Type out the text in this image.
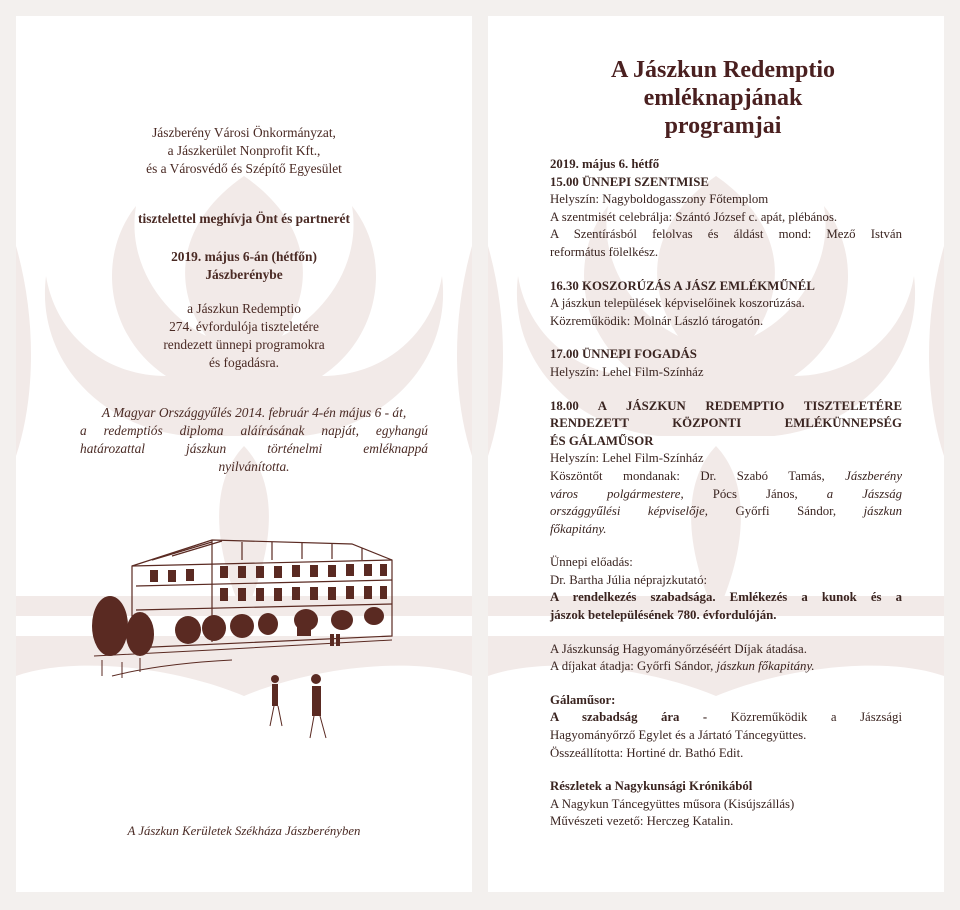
Jászberény Városi Önkormányzat,
a Jászkerület Nonprofit Kft.,
és a Városvédő és Szépítő Egyesület
tisztelettel meghívja Önt és partnerét
2019. május 6-án (hétfőn)
Jászberénybe
a Jászkun Redemptio
274. évfordulója tiszteletére
rendezett ünnepi programokra
és fogadásra.
A Magyar Országgyűlés 2014. február 4-én május 6 - át,
a redemptiós diploma aláírásának napját, egyhangú
határozattal jászkun történelmi emléknappá
nyilvánította.
A Jászkun Kerületek Székháza Jászberényben
A Jászkun Redemptio
emléknapjának
programjai

2019. május 6. hétfő

15.00 ÜNNEPI SZENTMISE

Helyszín: Nagyboldogasszony Főtemplom

A szentmisét celebrálja: Szántó József c. apát, plébános.

A Szentírásból felolvas és áldást mond: Mező István

református fölelkész.

16.30 KOSZORÚZÁS A JÁSZ EMLÉKMŰNÉL

A jászkun települések képviselőinek koszorúzása.

Közreműködik: Molnár László tárogatón.

17.00 ÜNNEPI FOGADÁS

Helyszín: Lehel Film-Színház

18.00 A JÁSZKUN REDEMPTIO TISZTELETÉRE

RENDEZETT KÖZPONTI EMLÉKÜNNEPSÉG

ÉS GÁLAMŰSOR

Helyszín: Lehel Film-Színház

Köszöntőt mondanak: Dr. Szabó Tamás, Jászberény

város polgármestere, Pócs János, a Jászság

országgyűlési képviselője, Győrfi Sándor, jászkun

főkapitány.

Ünnepi előadás:

Dr. Bartha Júlia néprajzkutató:

A rendelkezés szabadsága. Emlékezés a kunok és a

jászok betelepülésének 780. évfordulóján.

A Jászkunság Hagyományőrzéséért Díjak átadása.

A díjakat átadja: Győrfi Sándor, jászkun főkapitány.

Gálaműsor:

A szabadság ára - Közreműködik a Jászsági

Hagyományőrző Egylet és a Jártató Táncegyüttes.

Összeállította: Hortiné dr. Bathó Edit.

Részletek a Nagykunsági Krónikából

A Nagykun Táncegyüttes műsora (Kisújszállás)

Művészeti vezető: Herczeg Katalin.
